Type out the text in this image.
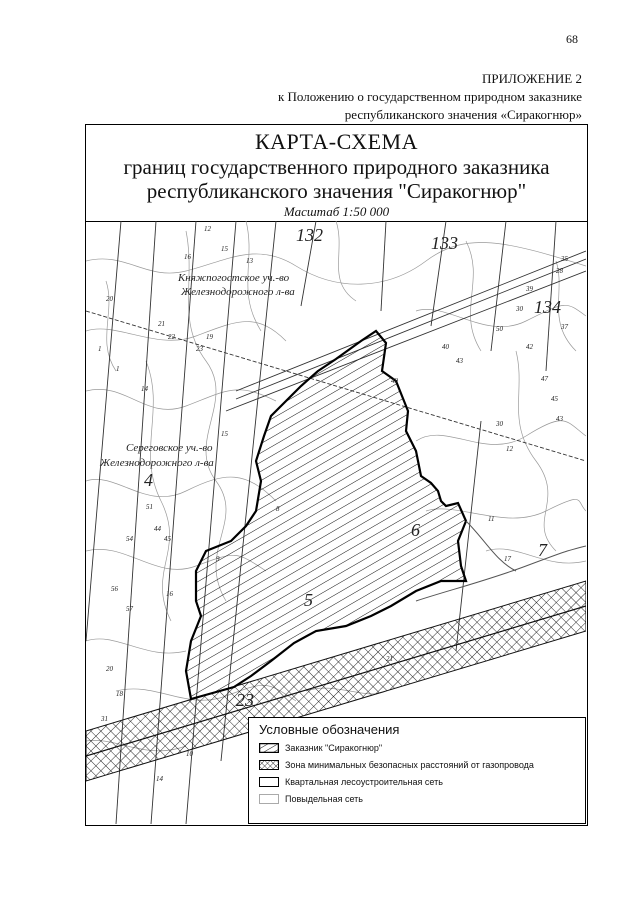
68
ПРИЛОЖЕНИЕ 2
к Положению о государственном природном заказнике
республиканского значения «Сиракогнюр»
КАРТА-СХЕМА
границ государственного природного заказника
республиканского значения "Сиракогнюр"
Масштаб 1:50 000
Княжпогостское уч.-во
Железнодорожного л-ва
Сереговское уч.-во
Железнодорожного л-ва
132	133
134
4
5
6
7
23
12
15
16	13
1
20
21
22
23
19
1
14
15
40
43
50
42
47
45
43
49
30
39
28
35
37
11
17
44
45
51
54
56
57
9
8
16
20
18
10
31
30
12
21
14
Условные обозначения
Заказник "Сиракогнюр"
Зона минимальных безопасных расстояний от газопровода
Квартальная лесоустроительная сеть
Повыдельная сеть
